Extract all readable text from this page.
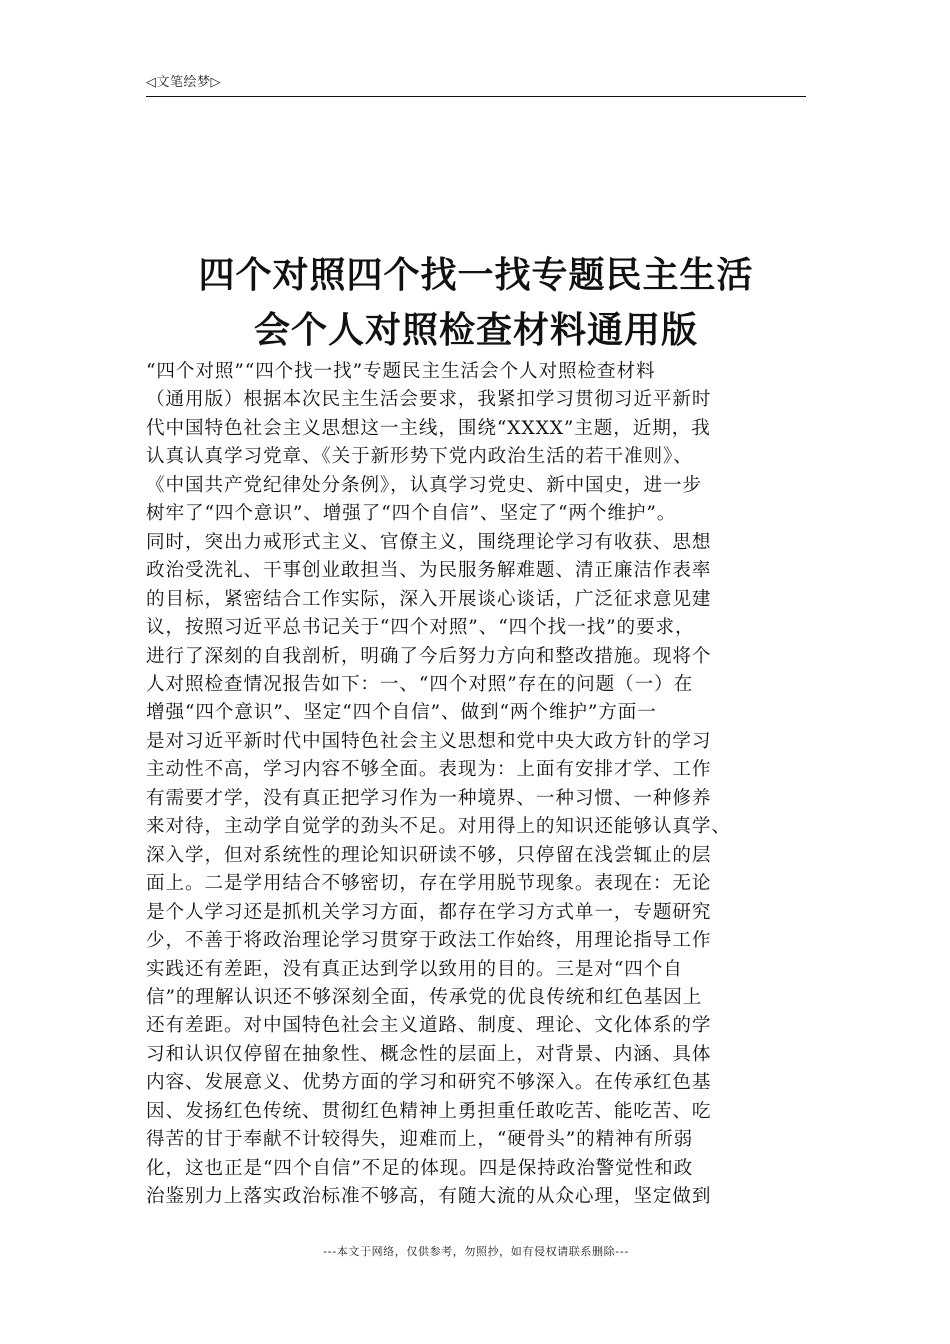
◁文笔绘梦▷
四个对照四个找一找专题民主生活
会个人对照检查材料通用版
“四个对照”“四个找一找”专题民主生活会个人对照检查材料
（通用版）根据本次民主生活会要求，我紧扣学习贯彻习近平新时
代中国特色社会主义思想这一主线，围绕“XXXX”主题，近期，我
认真认真学习党章、《关于新形势下党内政治生活的若干准则》、
《中国共产党纪律处分条例》，认真学习党史、新中国史，进一步
树牢了“四个意识”、增强了“四个自信”、坚定了“两个维护”。
同时，突出力戒形式主义、官僚主义，围绕理论学习有收获、思想
政治受洗礼、干事创业敢担当、为民服务解难题、清正廉洁作表率
的目标，紧密结合工作实际，深入开展谈心谈话，广泛征求意见建
议，按照习近平总书记关于“四个对照”、“四个找一找”的要求，
进行了深刻的自我剖析，明确了今后努力方向和整改措施。现将个
人对照检查情况报告如下：一、“四个对照”存在的问题（一）在
增强“四个意识”、坚定“四个自信”、做到“两个维护”方面一
是对习近平新时代中国特色社会主义思想和党中央大政方针的学习
主动性不高，学习内容不够全面。表现为：上面有安排才学、工作
有需要才学，没有真正把学习作为一种境界、一种习惯、一种修养
来对待，主动学自觉学的劲头不足。对用得上的知识还能够认真学、
深入学，但对系统性的理论知识研读不够，只停留在浅尝辄止的层
面上。二是学用结合不够密切，存在学用脱节现象。表现在：无论
是个人学习还是抓机关学习方面，都存在学习方式单一，专题研究
少，不善于将政治理论学习贯穿于政法工作始终，用理论指导工作
实践还有差距，没有真正达到学以致用的目的。三是对“四个自
信”的理解认识还不够深刻全面，传承党的优良传统和红色基因上
还有差距。对中国特色社会主义道路、制度、理论、文化体系的学
习和认识仅停留在抽象性、概念性的层面上，对背景、内涵、具体
内容、发展意义、优势方面的学习和研究不够深入。在传承红色基
因、发扬红色传统、贯彻红色精神上勇担重任敢吃苦、能吃苦、吃
得苦的甘于奉献不计较得失，迎难而上，“硬骨头”的精神有所弱
化，这也正是“四个自信”不足的体现。四是保持政治警觉性和政
治鉴别力上落实政治标准不够高，有随大流的从众心理，坚定做到
---本文于网络，仅供参考，勿照抄，如有侵权请联系删除---
